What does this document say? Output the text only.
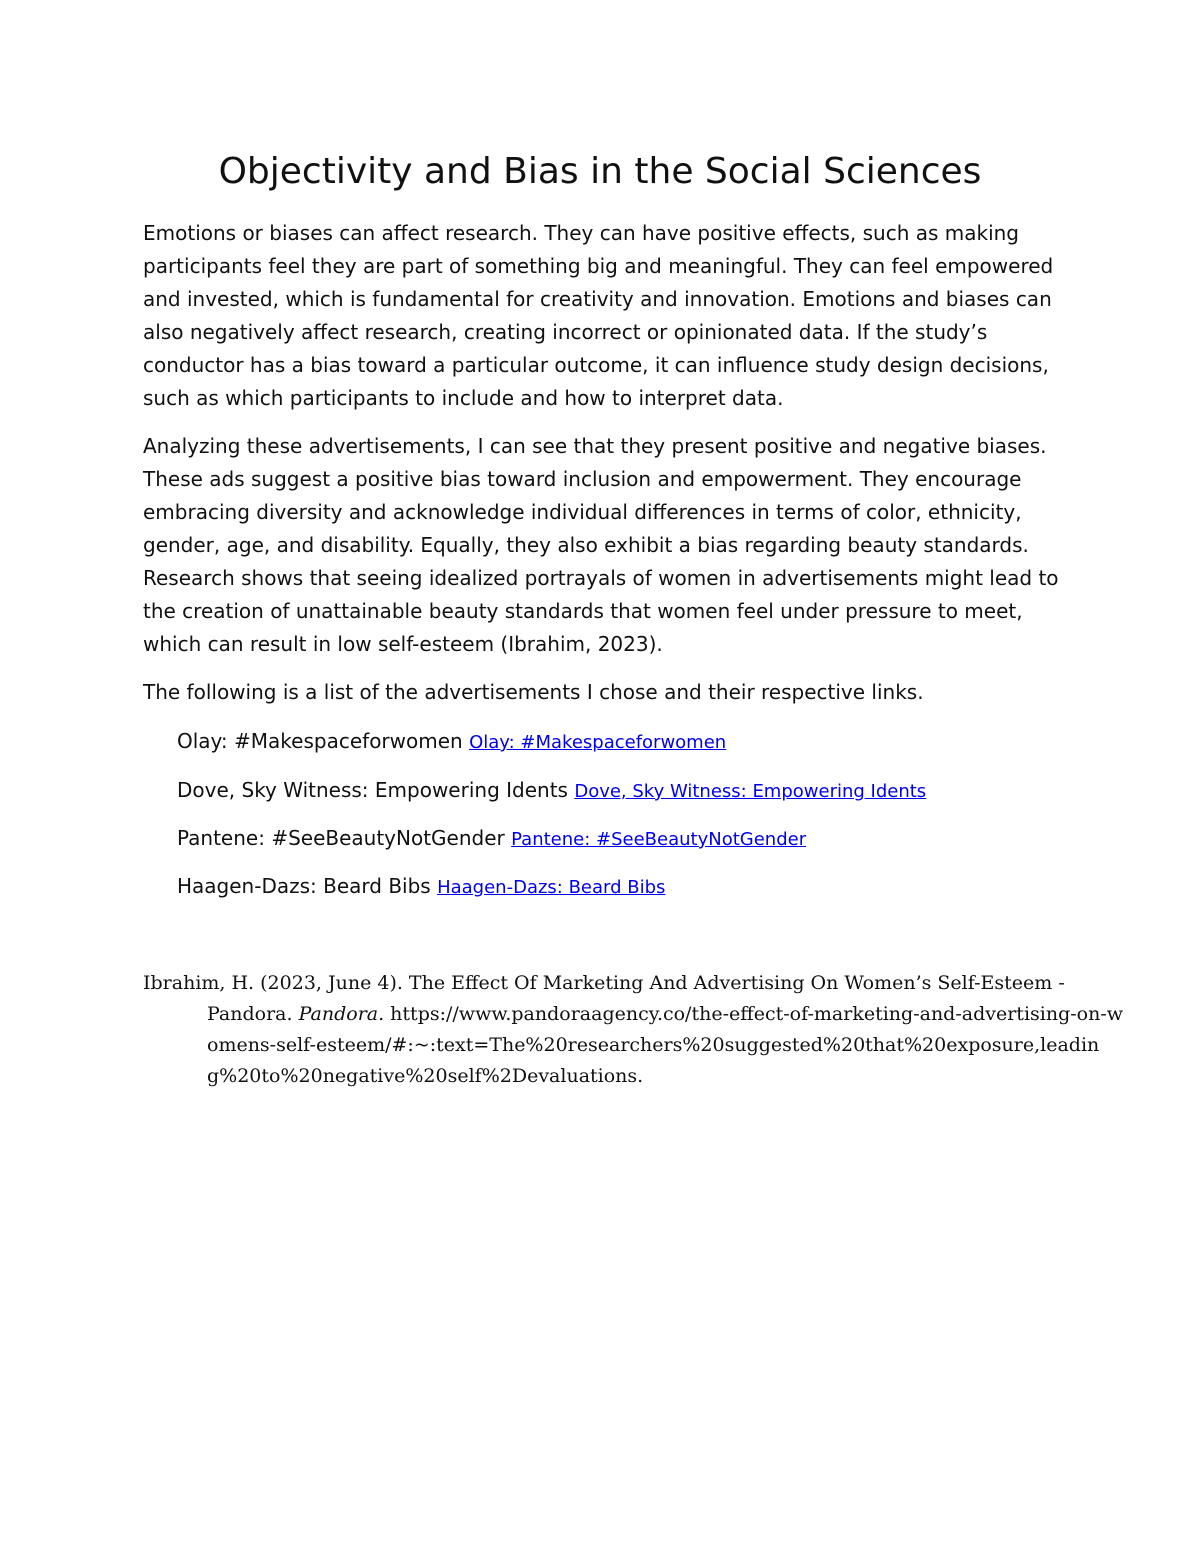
Objectivity and Bias in the Social Sciences

Emotions or biases can affect research. They can have positive effects, such as making participants feel they are part of something big and meaningful. They can feel empowered and invested, which is fundamental for creativity and innovation. Emotions and biases can also negatively affect research, creating incorrect or opinionated data. If the study’s conductor has a bias toward a particular outcome, it can influence study design decisions, such as which participants to include and how to interpret data.

Analyzing these advertisements, I can see that they present positive and negative biases. These ads suggest a positive bias toward inclusion and empowerment. They encourage embracing diversity and acknowledge individual differences in terms of color, ethnicity, gender, age, and disability. Equally, they also exhibit a bias regarding beauty standards. Research shows that seeing idealized portrayals of women in advertisements might lead to the creation of unattainable beauty standards that women feel under pressure to meet, which can result in low self-esteem (Ibrahim, 2023).

The following is a list of the advertisements I chose and their respective links.

Olay: #Makespaceforwomen Olay: #Makespaceforwomen
Dove, Sky Witness: Empowering Idents Dove, Sky Witness: Empowering Idents
Pantene: #SeeBeautyNotGender Pantene: #SeeBeautyNotGender
Haagen-Dazs: Beard Bibs Haagen-Dazs: Beard Bibs
Ibrahim, H. (2023, June 4). The Effect Of Marketing And Advertising On Women’s Self-Esteem - Pandora. Pandora. https://www.pandoraagency.co/the-effect-of-marketing-and-advertising-on-womens-self-esteem/#:~:text=The%20researchers%20suggested%20that%20exposure,leading%20to%20negative%20self%2Devaluations.
